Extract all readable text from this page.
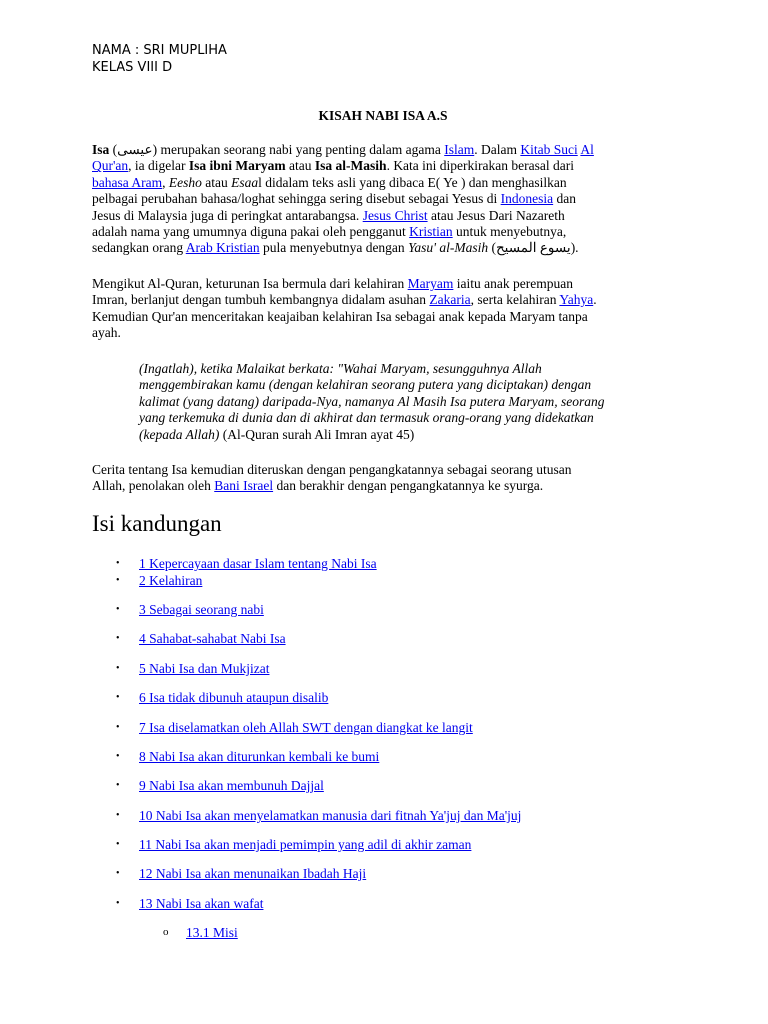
NAMA : SRI MUPLIHA
KELAS VIII D
KISAH NABI ISA A.S
Isa (عيسى) merupakan seorang nabi yang penting dalam agama Islam. Dalam Kitab Suci Al
Qur'an, ia digelar Isa ibni Maryam atau Isa al-Masih. Kata ini diperkirakan berasal dari
bahasa Aram, Eesho atau Esaal didalam teks asli yang dibaca E( Ye ) dan menghasilkan
pelbagai perubahan bahasa/loghat sehingga sering disebut sebagai Yesus di Indonesia dan
Jesus di Malaysia juga di peringkat antarabangsa. Jesus Christ atau Jesus Dari Nazareth
adalah nama yang umumnya diguna pakai oleh pengganut Kristian untuk menyebutnya,
sedangkan orang Arab Kristian pula menyebutnya dengan Yasu' al-Masih (يسوع المسيح).
Mengikut Al-Quran, keturunan Isa bermula dari kelahiran Maryam iaitu anak perempuan
Imran, berlanjut dengan tumbuh kembangnya didalam asuhan Zakaria, serta kelahiran Yahya.
Kemudian Qur'an menceritakan keajaiban kelahiran Isa sebagai anak kepada Maryam tanpa
ayah.
(Ingatlah), ketika Malaikat berkata: "Wahai Maryam, sesungguhnya Allah
menggembirakan kamu (dengan kelahiran seorang putera yang diciptakan) dengan
kalimat (yang datang) daripada-Nya, namanya Al Masih Isa putera Maryam, seorang
yang terkemuka di dunia dan di akhirat dan termasuk orang-orang yang didekatkan
(kepada Allah) (Al-Quran surah Ali Imran ayat 45)
Cerita tentang Isa kemudian diteruskan dengan pengangkatannya sebagai seorang utusan
Allah, penolakan oleh Bani Israel dan berakhir dengan pengangkatannya ke syurga.
Isi kandungan
• 1 Kepercayaan dasar Islam tentang Nabi Isa
• 2 Kelahiran
• 3 Sebagai seorang nabi
• 4 Sahabat-sahabat Nabi Isa
• 5 Nabi Isa dan Mukjizat
• 6 Isa tidak dibunuh ataupun disalib
• 7 Isa diselamatkan oleh Allah SWT dengan diangkat ke langit
• 8 Nabi Isa akan diturunkan kembali ke bumi
• 9 Nabi Isa akan membunuh Dajjal
• 10 Nabi Isa akan menyelamatkan manusia dari fitnah Ya'juj dan Ma'juj
• 11 Nabi Isa akan menjadi pemimpin yang adil di akhir zaman
• 12 Nabi Isa akan menunaikan Ibadah Haji
• 13 Nabi Isa akan wafat
o 13.1 Misi
